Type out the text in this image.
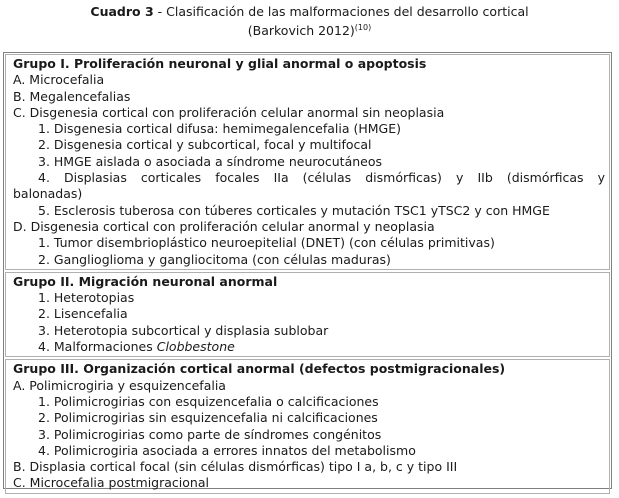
Cuadro 3 - Clasificación de las malformaciones del desarrollo cortical
(Barkovich 2012)$^{(10)}$
Grupo I. Proliferación neuronal y glial anormal o apoptosis
A. Microcefalia
B. Megalencefalias
C. Disgenesia cortical con proliferación celular anormal sin neoplasia
1. Disgenesia cortical difusa: hemimegalencefalia (HMGE)
2. Disgenesia cortical y subcortical, focal y multifocal
3. HMGE aislada o asociada a síndrome neurocutáneos
4. Displasias corticales focales IIa (células dismórficas) y IIb (dismórficas y
balonadas)
5. Esclerosis tuberosa con túberes corticales y mutación TSC1 yTSC2 y con HMGE
D. Disgenesia cortical con proliferación celular anormal y neoplasia
1. Tumor disembrioplástico neuroepitelial (DNET) (con células primitivas)
2. Ganglioglioma y gangliocitoma (con células maduras)
Grupo II. Migración neuronal anormal
1. Heterotopias
2. Lisencefalia
3. Heterotopia subcortical y displasia sublobar
4. Malformaciones Clobbestone
Grupo III. Organización cortical anormal (defectos postmigracionales)
A. Polimicrogiria y esquizencefalia
1. Polimicrogirias con esquizencefalia o calcificaciones
2. Polimicrogirias sin esquizencefalia ni calcificaciones
3. Polimicrogirias como parte de síndromes congénitos
4. Polimicrogiria asociada a errores innatos del metabolismo
B. Displasia cortical focal (sin células dismórficas) tipo I a, b, c y tipo III
C. Microcefalia postmigracional
